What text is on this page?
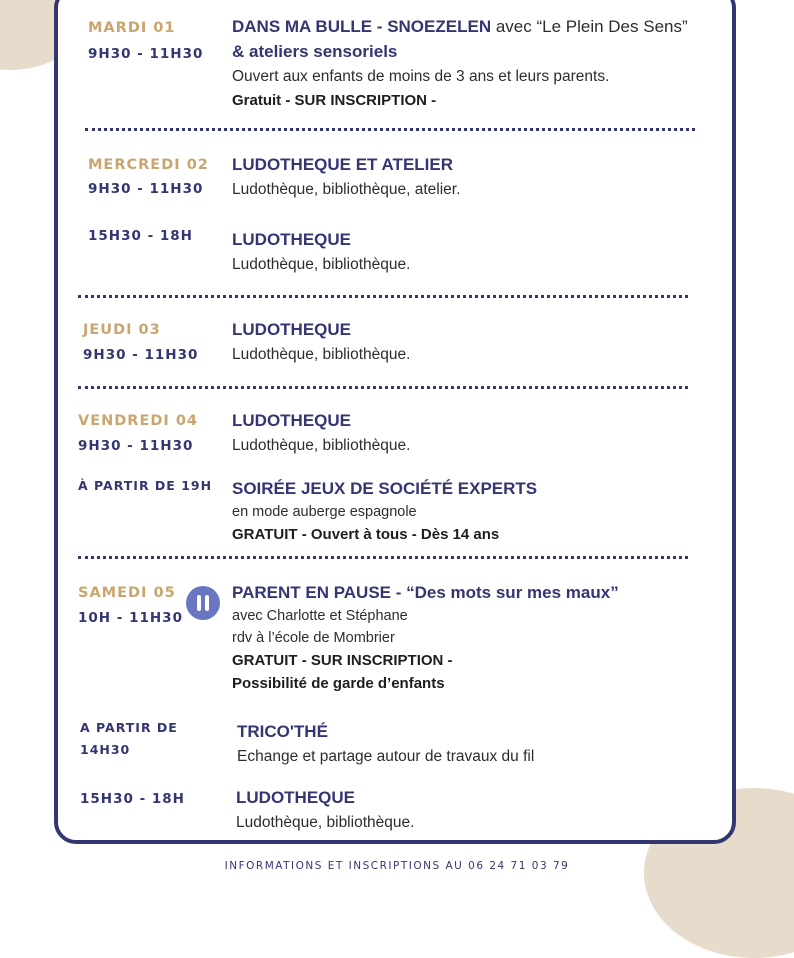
MARDI 01
9H30 - 11H30
DANS MA BULLE - SNOEZELEN avec “Le Plein Des Sens”
& ateliers sensoriels
Ouvert aux enfants de moins de 3 ans et leurs parents.
Gratuit - SUR INSCRIPTION -
MERCREDI 02
9H30 - 11H30
LUDOTHEQUE ET ATELIER
Ludothèque, bibliothèque, atelier.
15H30 - 18H LUDOTHEQUE
Ludothèque, bibliothèque.
JEUDI 03
9H30 - 11H30
LUDOTHEQUE
Ludothèque, bibliothèque.
VENDREDI 04
9H30 - 11H30
LUDOTHEQUE
Ludothèque, bibliothèque.
À PARTIR DE 19H SOIRÉE JEUX DE SOCIÉTÉ EXPERTS
en mode auberge espagnole
GRATUIT - Ouvert à tous - Dès 14 ans
SAMEDI 05
10H - 11H30
PARENT EN PAUSE - “Des mots sur mes maux”
avec Charlotte et Stéphane
rdv à l’école de Mombrier
GRATUIT - SUR INSCRIPTION -
Possibilité de garde d’enfants
A PARTIR DE
14H30
TRICO'THÉ
Echange et partage autour de travaux du fil
15H30 - 18H	LUDOTHEQUE
Ludothèque, bibliothèque.
INFORMATIONS ET INSCRIPTIONS AU 06 24 71 03 79
